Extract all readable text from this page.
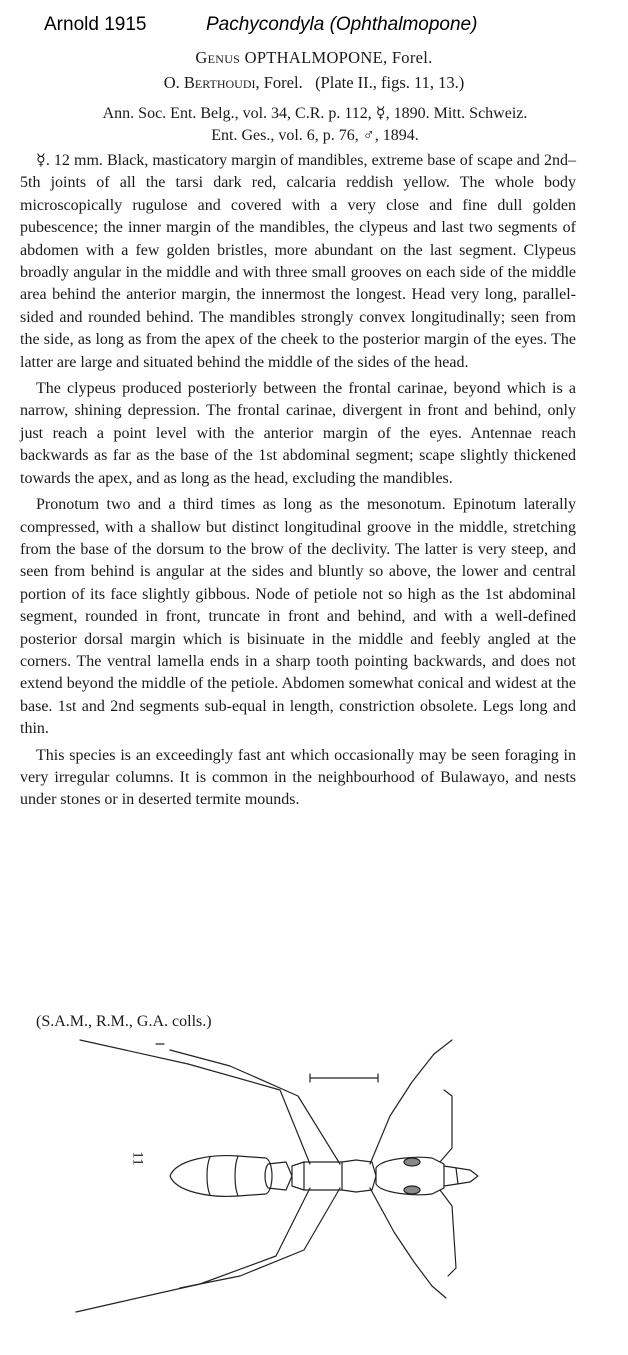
Arnold 1915	Pachycondyla (Ophthalmopone)
Genus OPTHALMOPONE, Forel.
O. Berthoudi, Forel.   (Plate II., figs. 11, 13.)
Ann. Soc. Ent. Belg., vol. 34, C.R. p. 112, ☿, 1890. Mitt. Schweiz.
Ent. Ges., vol. 6, p. 76, ♂, 1894.

☿. 12 mm. Black, masticatory margin of mandibles, extreme base of scape and 2nd–5th joints of all the tarsi dark red, calcaria reddish yellow. The whole body microscopically rugulose and covered with a very close and fine dull golden pubescence; the inner margin of the mandibles, the clypeus and last two segments of abdomen with a few golden bristles, more abundant on the last segment. Clypeus broadly angular in the middle and with three small grooves on each side of the middle area behind the anterior margin, the innermost the longest. Head very long, parallel-sided and rounded behind. The mandibles strongly convex longitudinally; seen from the side, as long as from the apex of the cheek to the posterior margin of the eyes. The latter are large and situated behind the middle of the sides of the head.

The clypeus produced posteriorly between the frontal carinae, beyond which is a narrow, shining depression. The frontal carinae, divergent in front and behind, only just reach a point level with the anterior margin of the eyes. Antennae reach backwards as far as the base of the 1st abdominal segment; scape slightly thickened towards the apex, and as long as the head, excluding the mandibles.

Pronotum two and a third times as long as the mesonotum. Epinotum laterally compressed, with a shallow but distinct longitudinal groove in the middle, stretching from the base of the dorsum to the brow of the declivity. The latter is very steep, and seen from behind is angular at the sides and bluntly so above, the lower and central portion of its face slightly gibbous. Node of petiole not so high as the 1st abdominal segment, rounded in front, truncate in front and behind, and with a well-defined posterior dorsal margin which is bisinuate in the middle and feebly angled at the corners. The ventral lamella ends in a sharp tooth pointing backwards, and does not extend beyond the middle of the petiole. Abdomen somewhat conical and widest at the base. 1st and 2nd segments sub-equal in length, constriction obsolete. Legs long and thin.

This species is an exceedingly fast ant which occasionally may be seen foraging in very irregular columns. It is common in the neighbourhood of Bulawayo, and nests under stones or in deserted termite mounds.

(S.A.M., R.M., G.A. colls.)
11
